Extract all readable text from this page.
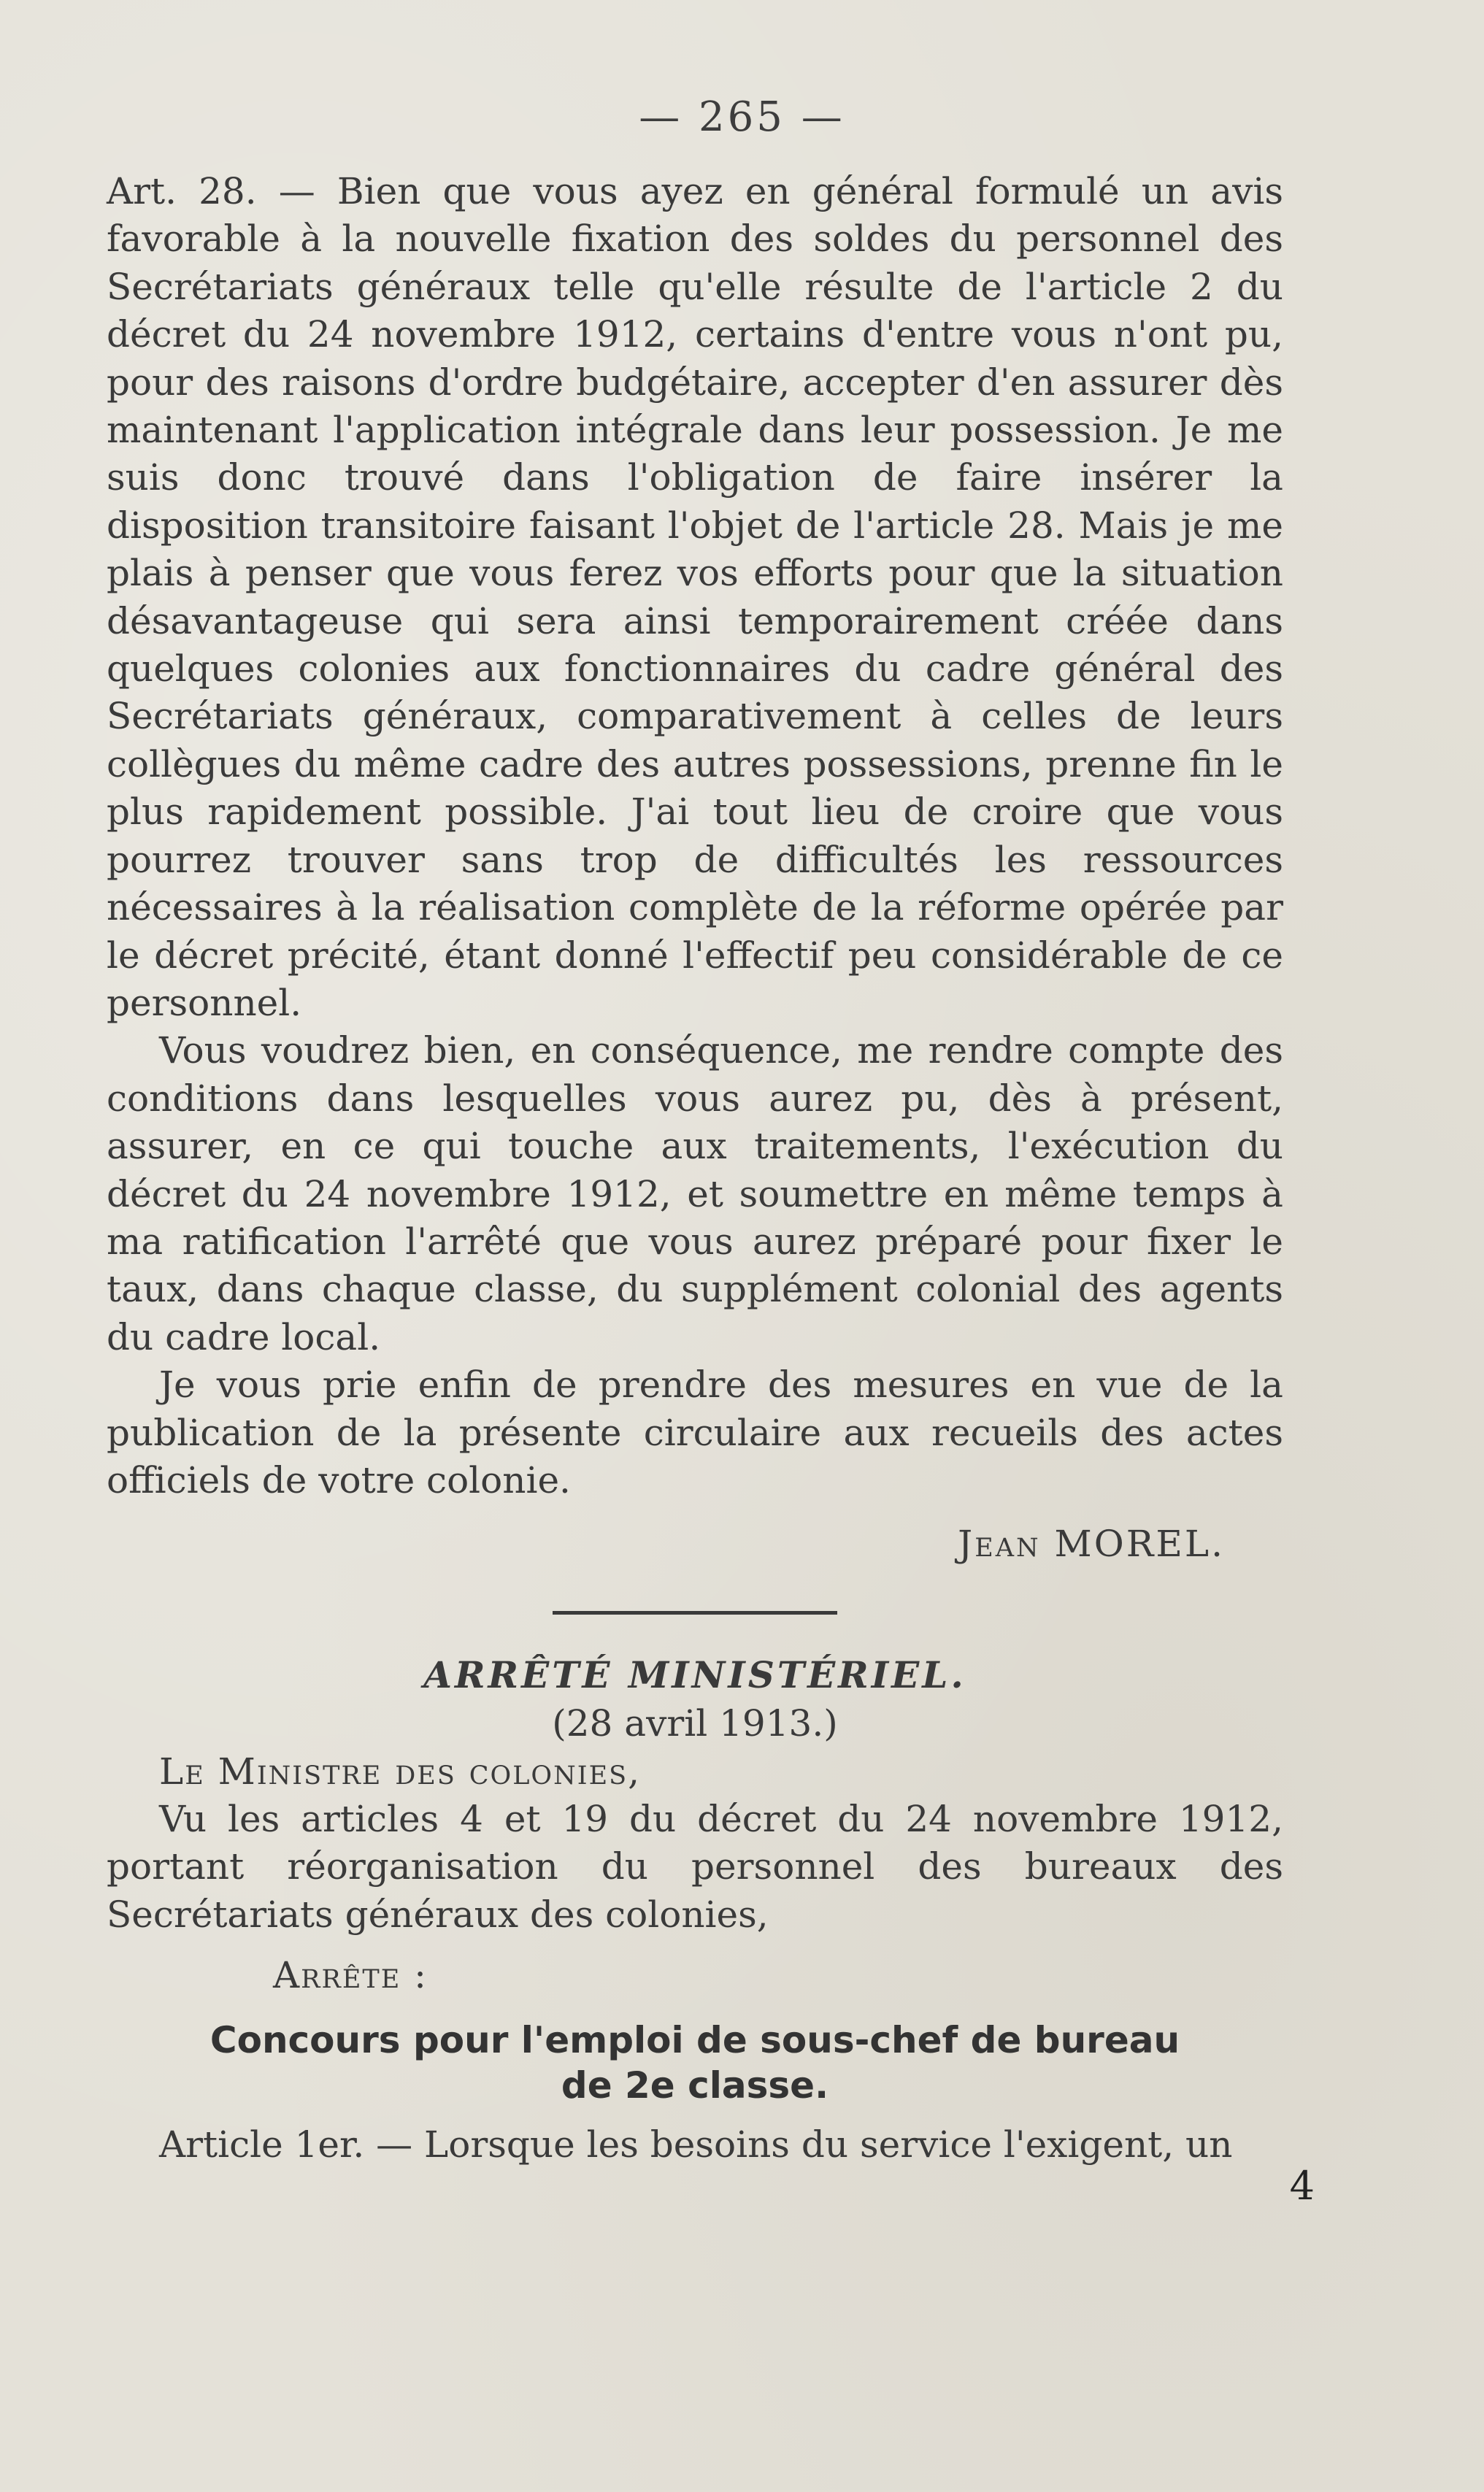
— 265 —

Art. 28. — Bien que vous ayez en général formulé un avis favorable à la nouvelle fixation des soldes du personnel des Secrétariats généraux telle qu'elle résulte de l'article 2 du décret du 24 novembre 1912, certains d'entre vous n'ont pu, pour des raisons d'ordre budgétaire, accepter d'en assurer dès maintenant l'application intégrale dans leur possession. Je me suis donc trouvé dans l'obligation de faire insérer la disposition transitoire faisant l'objet de l'article 28. Mais je me plais à penser que vous ferez vos efforts pour que la situation désavantageuse qui sera ainsi temporairement créée dans quelques colonies aux fonctionnaires du cadre général des Secrétariats généraux, comparativement à celles de leurs collègues du même cadre des autres possessions, prenne fin le plus rapidement possible. J'ai tout lieu de croire que vous pourrez trouver sans trop de difficultés les ressources nécessaires à la réalisation complète de la réforme opérée par le décret précité, étant donné l'effectif peu considérable de ce personnel.

Vous voudrez bien, en conséquence, me rendre compte des conditions dans lesquelles vous aurez pu, dès à présent, assurer, en ce qui touche aux traitements, l'exécution du décret du 24 novembre 1912, et soumettre en même temps à ma ratification l'arrêté que vous aurez préparé pour fixer le taux, dans chaque classe, du supplément colonial des agents du cadre local.

Je vous prie enfin de prendre des mesures en vue de la publication de la présente circulaire aux recueils des actes officiels de votre colonie.

Jean MOREL.

ARRÊTÉ MINISTÉRIEL.

(28 avril 1913.)

Le Ministre des colonies,

Vu les articles 4 et 19 du décret du 24 novembre 1912, portant réorganisation du personnel des bureaux des Secrétariats généraux des colonies,

Arrête :

Concours pour l'emploi de sous-chef de bureau

de 2e classe.

Article 1er. — Lorsque les besoins du service l'exigent, un

4
